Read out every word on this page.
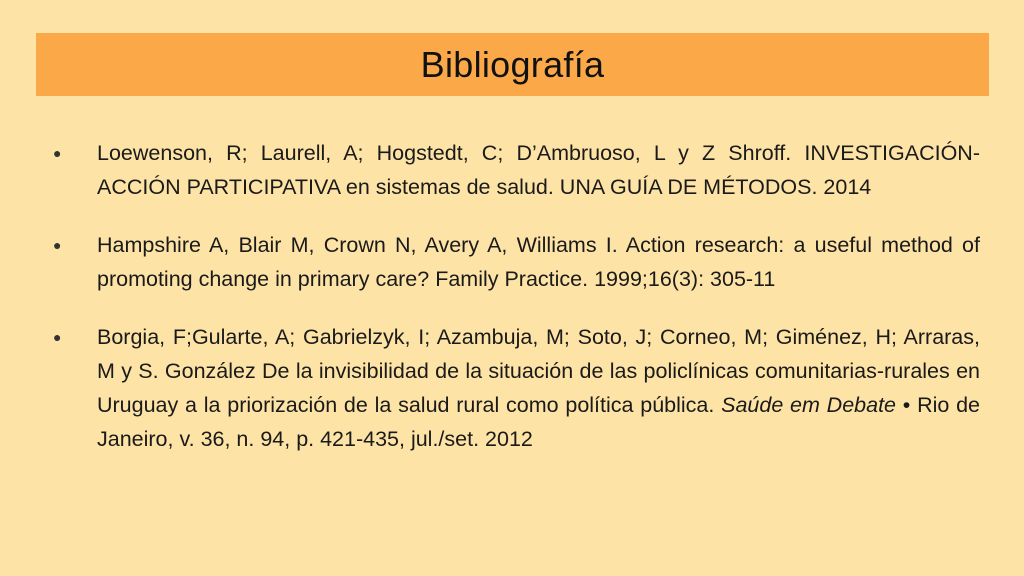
Bibliografía
● Loewenson, R; Laurell, A; Hogstedt, C; D’Ambruoso, L y Z Shroff. INVESTIGACIÓN-ACCIÓN PARTICIPATIVA en sistemas de salud. UNA GUÍA DE MÉTODOS. 2014
● Hampshire A, Blair M, Crown N, Avery A, Williams I. Action research: a useful method of promoting change in primary care? Family Practice. 1999;16(3): 305-11
● Borgia, F;Gularte, A; Gabrielzyk, I; Azambuja, M; Soto, J; Corneo, M; Giménez, H; Arraras, M y S. González De la invisibilidad de la situación de las policlínicas comunitarias-rurales en Uruguay a la priorización de la salud rural como política pública. Saúde em Debate • Rio de Janeiro, v. 36, n. 94, p. 421-435, jul./set. 2012
